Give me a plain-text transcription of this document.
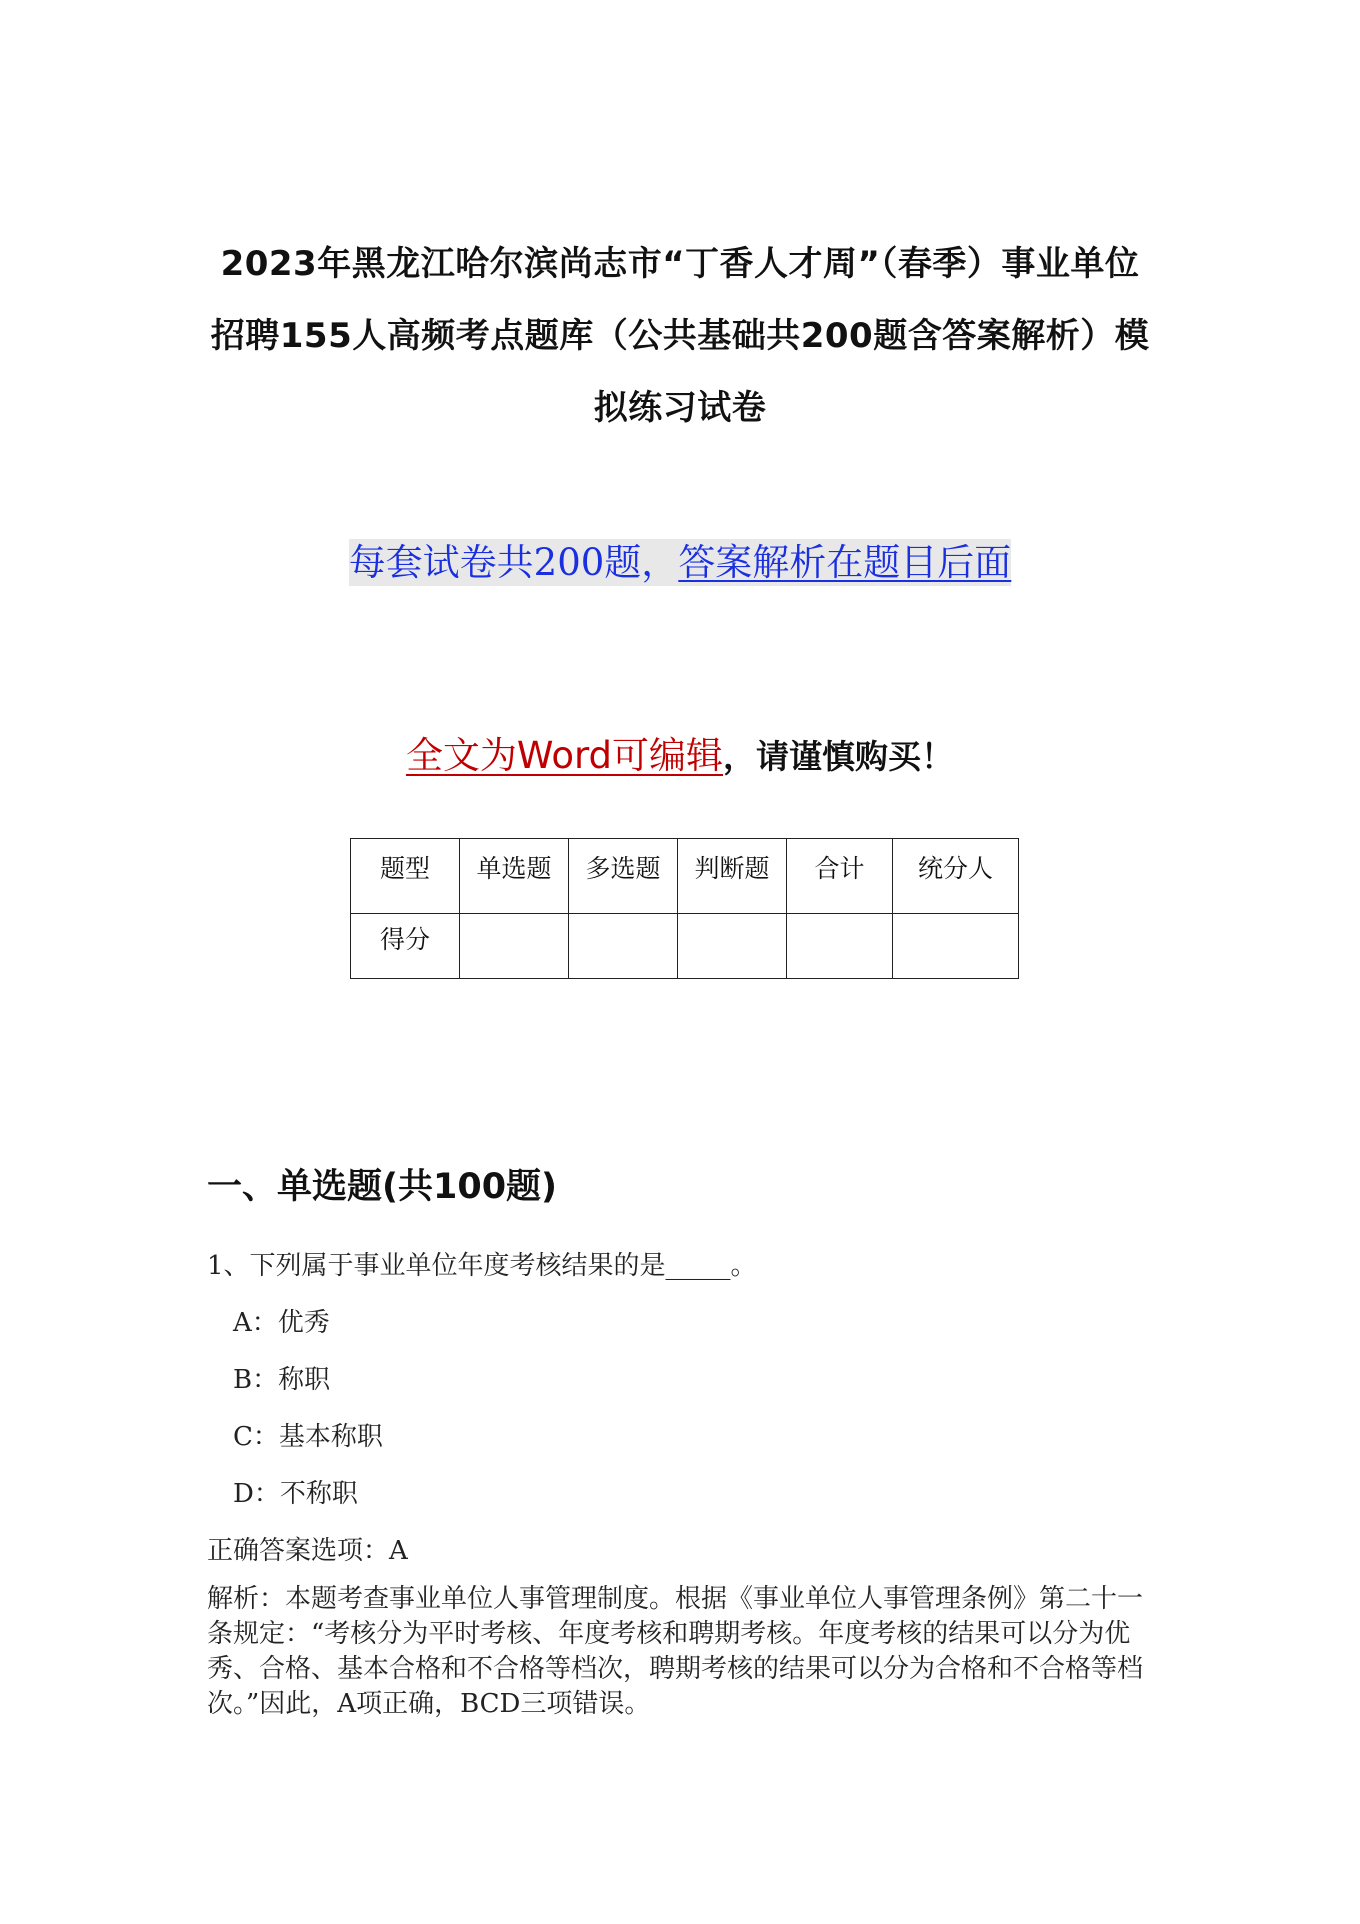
2023年黑龙江哈尔滨尚志市“丁香人才周”（春季）事业单位
招聘155人高频考点题库（公共基础共200题含答案解析）模
拟练习试卷
每套试卷共200题，答案解析在题目后面
全文为Word可编辑，请谨慎购买！
题型	单选题	多选题	判断题	合计	统分人
得分					
一、单选题(共100题)
1、下列属于事业单位年度考核结果的是_____。
A：优秀
B：称职
C：基本称职
D：不称职
正确答案选项：A
解析：本题考查事业单位人事管理制度。根据《事业单位人事管理条例》第二十一条规定：“考核分为平时考核、年度考核和聘期考核。年度考核的结果可以分为优秀、合格、基本合格和不合格等档次，聘期考核的结果可以分为合格和不合格等档次。”因此，A项正确，BCD三项错误。
